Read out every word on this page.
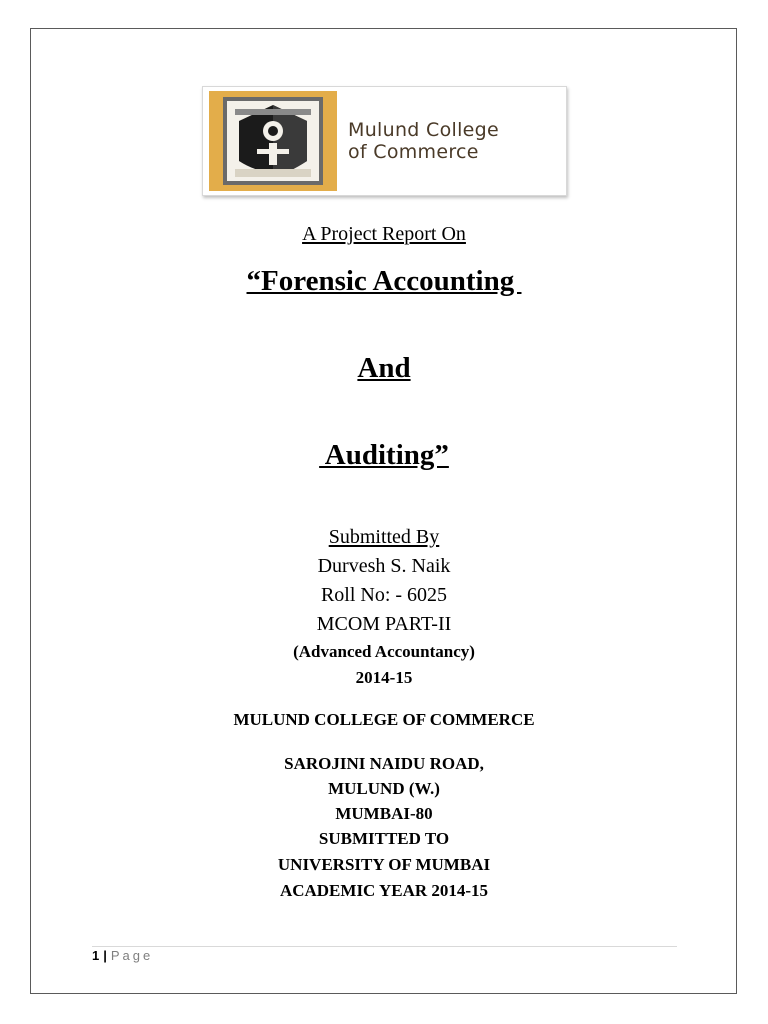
Mulund College
of Commerce
A Project Report On
“Forensic Accounting
And
Auditing”
Submitted By
Durvesh S. Naik
Roll No: - 6025
MCOM PART-II
(Advanced Accountancy)
2014-15
MULUND COLLEGE OF COMMERCE
SAROJINI NAIDU ROAD,
MULUND (W.)
MUMBAI-80
SUBMITTED TO
UNIVERSITY OF MUMBAI
ACADEMIC YEAR 2014-15
1 | Page
